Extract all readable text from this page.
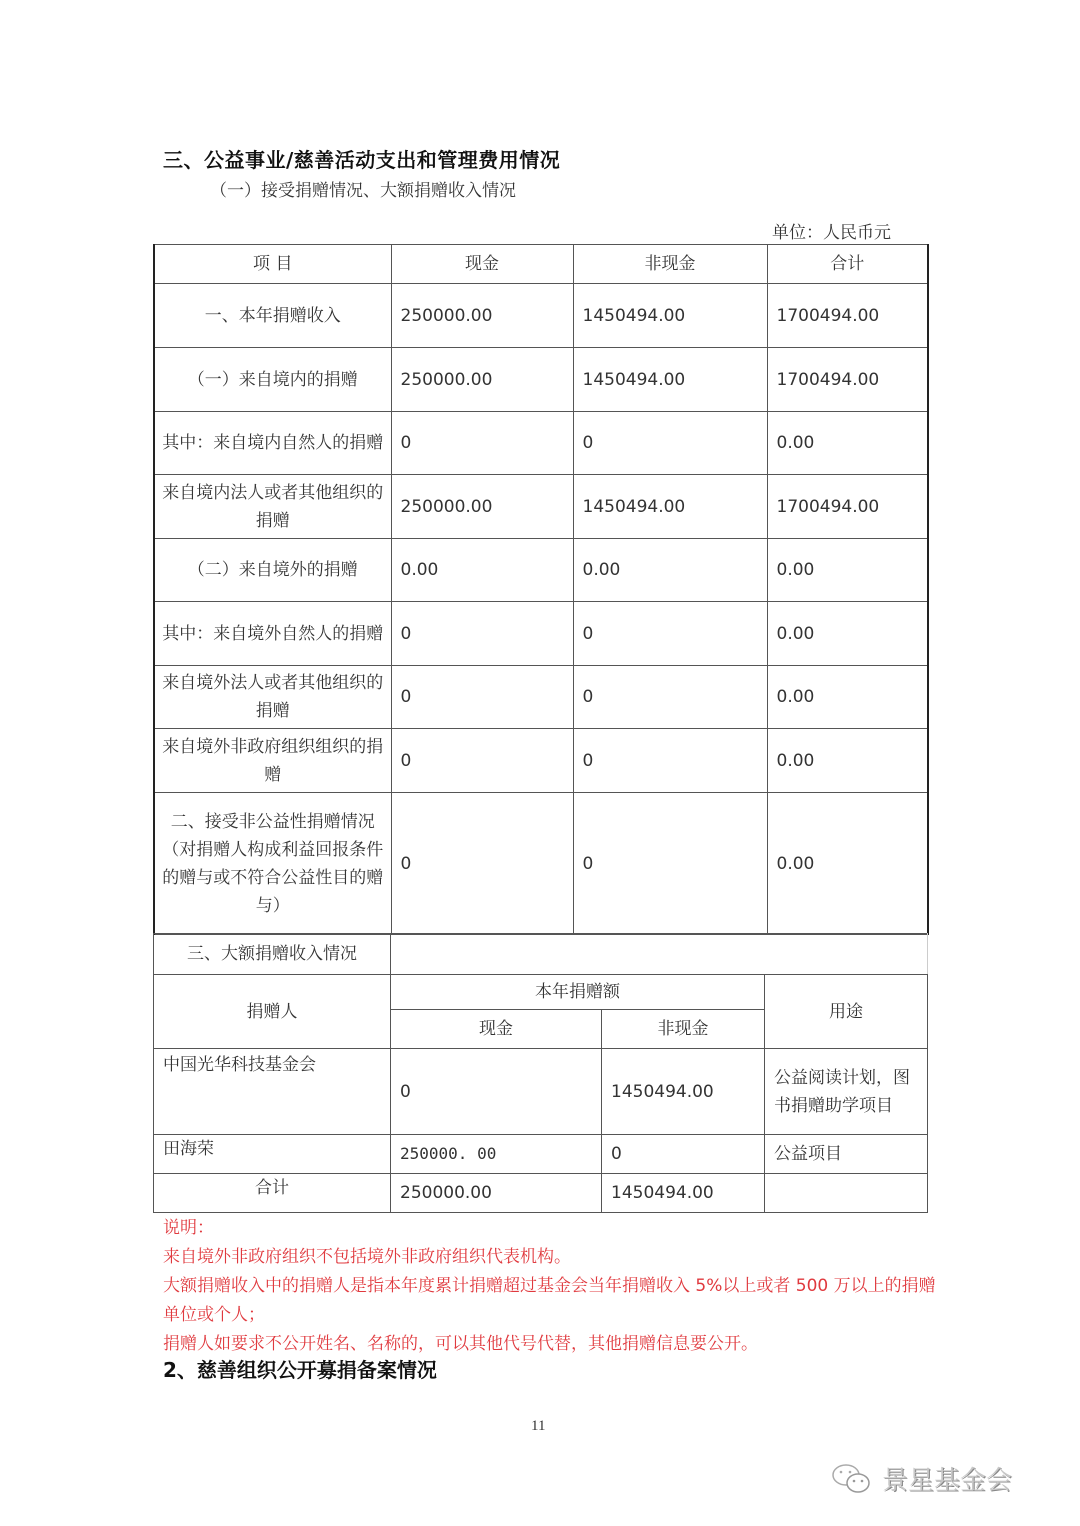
三、公益事业/慈善活动支出和管理费用情况
（一）接受捐赠情况、大额捐赠收入情况
单位：人民币元
项 目	现金	非现金	合计
一、本年捐赠收入	250000.00	1450494.00	1700494.00
（一）来自境内的捐赠	250000.00	1450494.00	1700494.00
其中：来自境内自然人的捐赠	0	0	0.00
来自境内法人或者其他组织的捐赠	250000.00	1450494.00	1700494.00
（二）来自境外的捐赠	0.00	0.00	0.00
其中：来自境外自然人的捐赠	0	0	0.00
来自境外法人或者其他组织的捐赠	0	0	0.00
来自境外非政府组织组织的捐赠	0	0	0.00
二、接受非公益性捐赠情况（对捐赠人构成利益回报条件的赠与或不符合公益性目的赠与）	0	0	0.00
三、大额捐赠收入情况			
捐赠人	本年捐赠额		用途
	现金	非现金	
中国光华科技基金会	0	1450494.00	公益阅读计划，图书捐赠助学项目
田海荣	250000. 00	0	公益项目
合计	250000.00	1450494.00	

说明：

来自境外非政府组织不包括境外非政府组织代表机构。

大额捐赠收入中的捐赠人是指本年度累计捐赠超过基金会当年捐赠收入 5%以上或者 500 万以上的捐赠单位或个人；

捐赠人如要求不公开姓名、名称的，可以其他代号代替，其他捐赠信息要公开。

2、慈善组织公开募捐备案情况
11
景星基金会
